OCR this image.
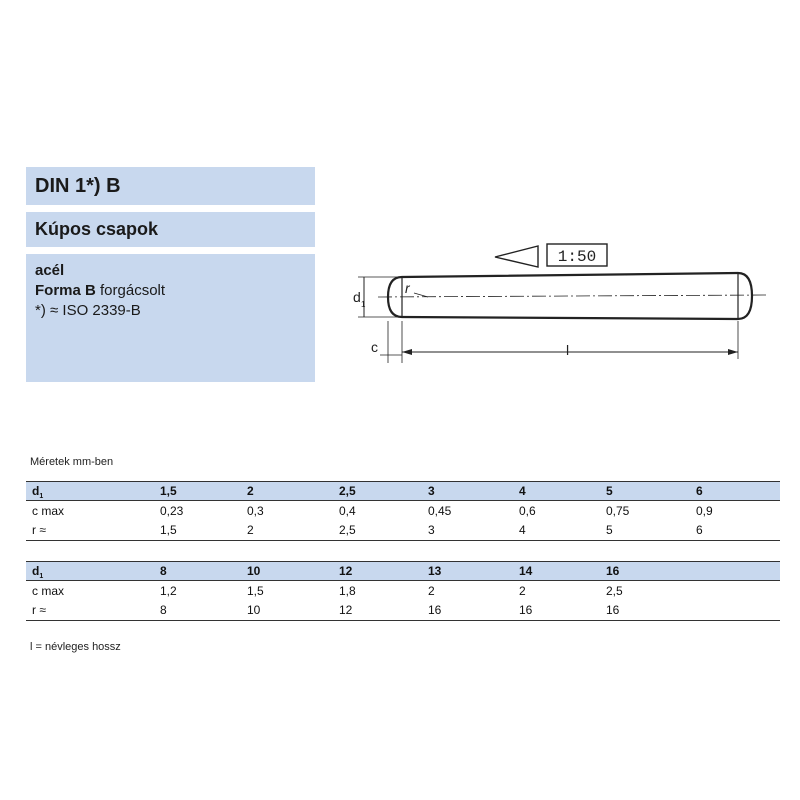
DIN 1*) B
Kúpos csapok
acél
Forma B forgácsolt
*) ≈ ISO 2339-B
1:50
d 1
r
c	l
Méretek mm-ben
$d_1$	1,5	2	2,5	3	4	5	6
c max	0,23	0,3	0,4	0,45	0,6	0,75	0,9
r ≈	1,5	2	2,5	3	4	5	6
$d_1$	8	10	12	13	14	16	
c max	1,2	1,5	1,8	2	2	2,5	
r ≈	8	10	12	16	16	16	
l = névleges hossz
